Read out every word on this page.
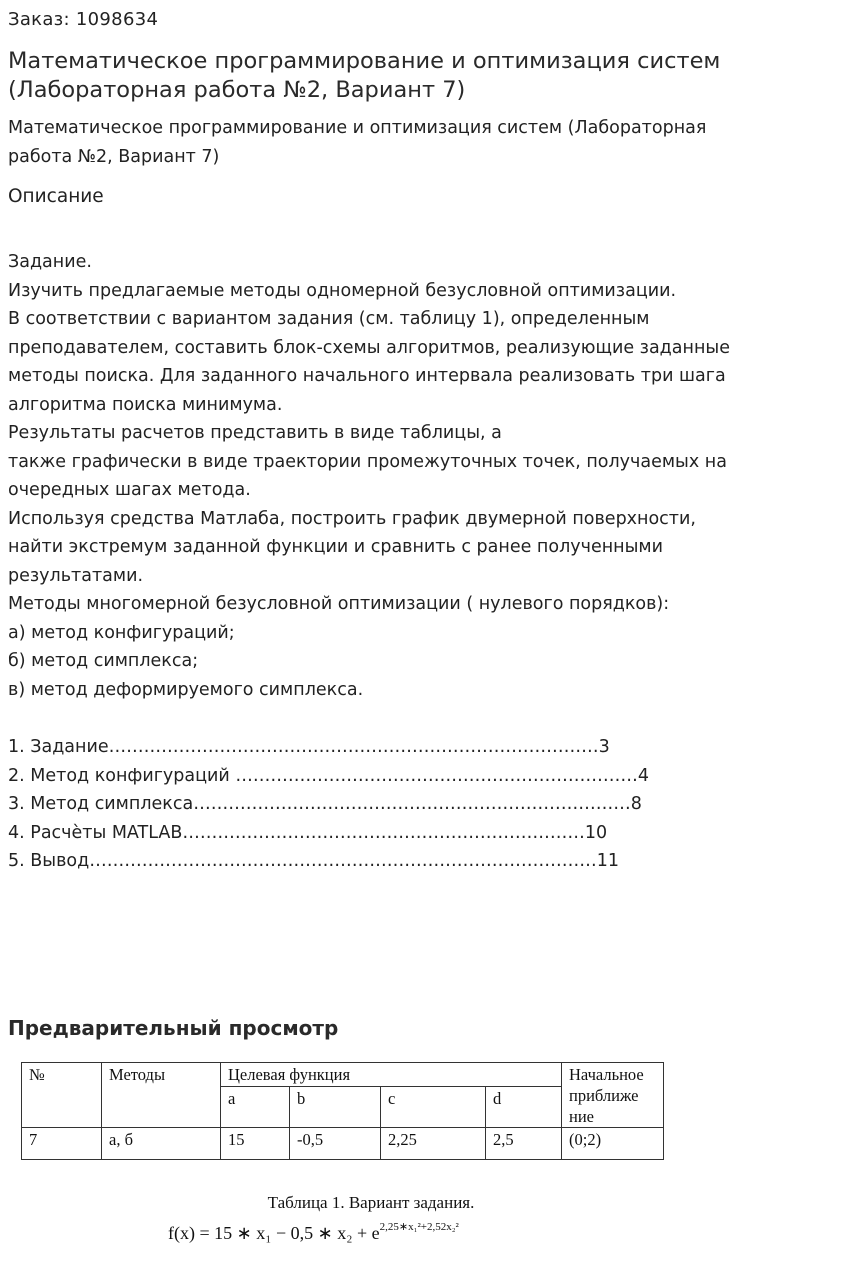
Заказ: 1098634
Математическое программирование и оптимизация систем
(Лабораторная работа №2, Вариант 7)
Математическое программирование и оптимизация систем (Лабораторная
работа №2, Вариант 7)
Описание
Задание.
Изучить предлагаемые методы одномерной безусловной оптимизации.
В соответствии с вариантом задания (см. таблицу 1), определенным
преподавателем, составить блок-схемы алгоритмов, реализующие заданные
методы поиска. Для заданного начального интервала реализовать три шага
алгоритма поиска минимума.
Результаты расчетов представить в виде таблицы, а
также графически в виде траектории промежуточных точек, получаемых на
очередных шагах метода.
Используя средства Матлаба, построить график двумерной поверхности,
найти экстремум заданной функции и сравнить с ранее полученными
результатами.
Методы многомерной безусловной оптимизации ( нулевого порядков):
а) метод конфигураций;
б) метод симплекса;
в) метод деформируемого симплекса.
1. Задание…………………………………………………………………………3
2. Метод конфигураций ……………………………………………………………4
3. Метод симплекса…………………………………………………………………8
4. Расчѐты MATLAB……………………………………………………………10
5. Вывод……………………………………………………………………………11
Предварительный просмотр
№	Методы	Целевая функция				Начальное приближе ние
		a	b	c	d	
7	а, б	15	-0,5	2,25	2,5	(0;2)
Таблица 1. Вариант задания.
f(x) = 15 ∗ x₁ − 0,5 ∗ $x_2 + e^{2,25∗x_1^2+2,52x_2^2}$
